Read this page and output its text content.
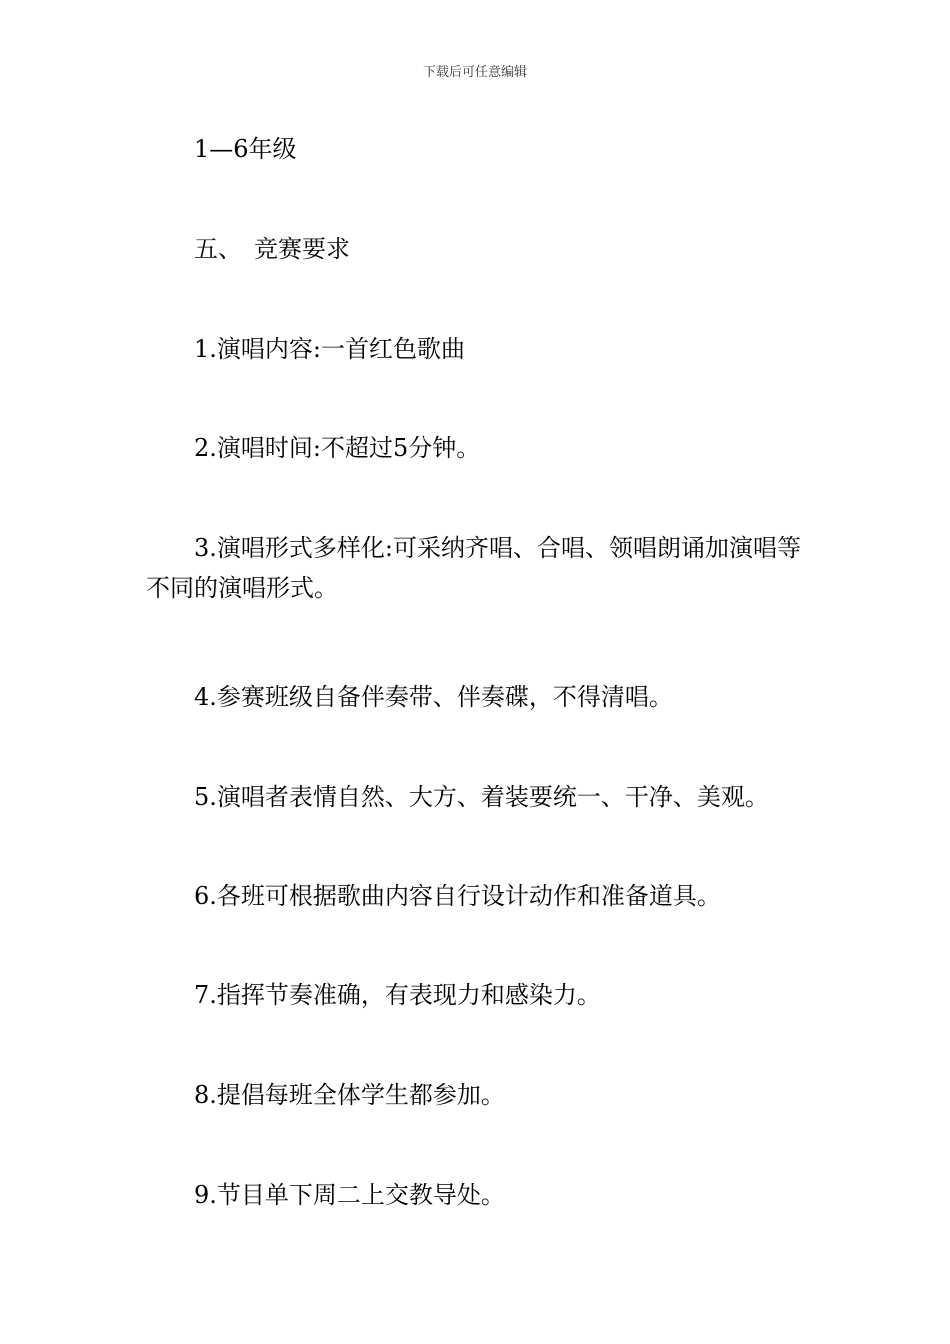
下载后可任意编辑
1—6年级
五、　竞赛要求
1.演唱内容:一首红色歌曲
2.演唱时间:不超过5分钟。
3.演唱形式多样化:可采纳齐唱、合唱、领唱朗诵加演唱等不同的演唱形式。
4.参赛班级自备伴奏带、伴奏碟，不得清唱。
5.演唱者表情自然、大方、着装要统一、干净、美观。
6.各班可根据歌曲内容自行设计动作和准备道具。
7.指挥节奏准确，有表现力和感染力。
8.提倡每班全体学生都参加。
9.节目单下周二上交教导处。
